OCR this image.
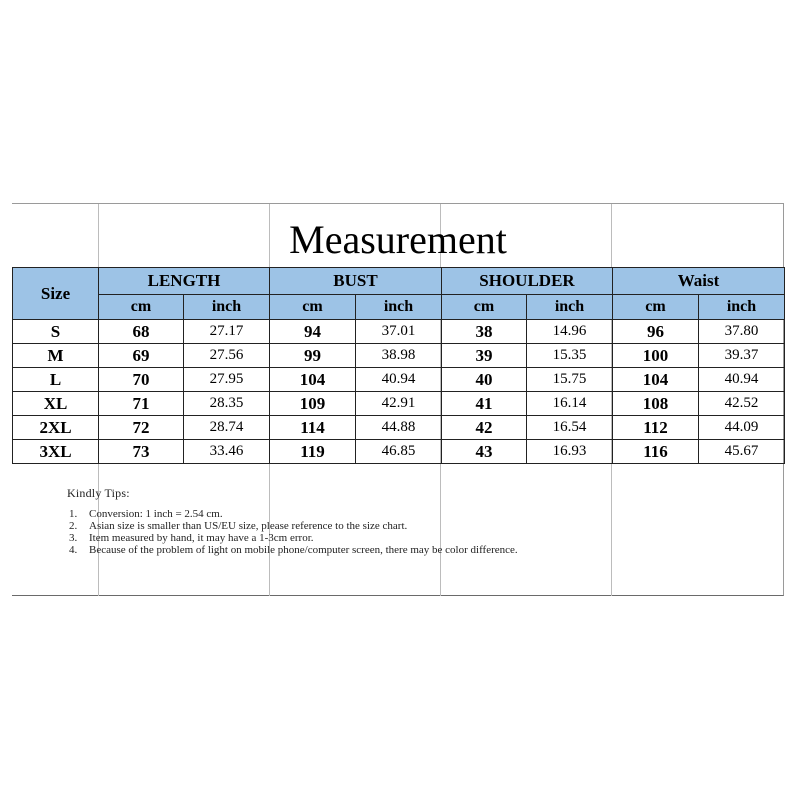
Measurement
Size	LENGTH		BUST		SHOULDER		Waist	
	cm	inch	cm	inch	cm	inch	cm	inch
S	68	27.17	94	37.01	38	14.96	96	37.80
M	69	27.56	99	38.98	39	15.35	100	39.37
L	70	27.95	104	40.94	40	15.75	104	40.94
XL	71	28.35	109	42.91	41	16.14	108	42.52
2XL	72	28.74	114	44.88	42	16.54	112	44.09
3XL	73	33.46	119	46.85	43	16.93	116	45.67
Kindly Tips:
1. Conversion: 1 inch = 2.54 cm.
2. Asian size is smaller than US/EU size, please reference to the size chart.
3. Item measured by hand, it may have a 1-3cm error.
4. Because of the problem of light on mobile phone/computer screen, there may be color difference.
